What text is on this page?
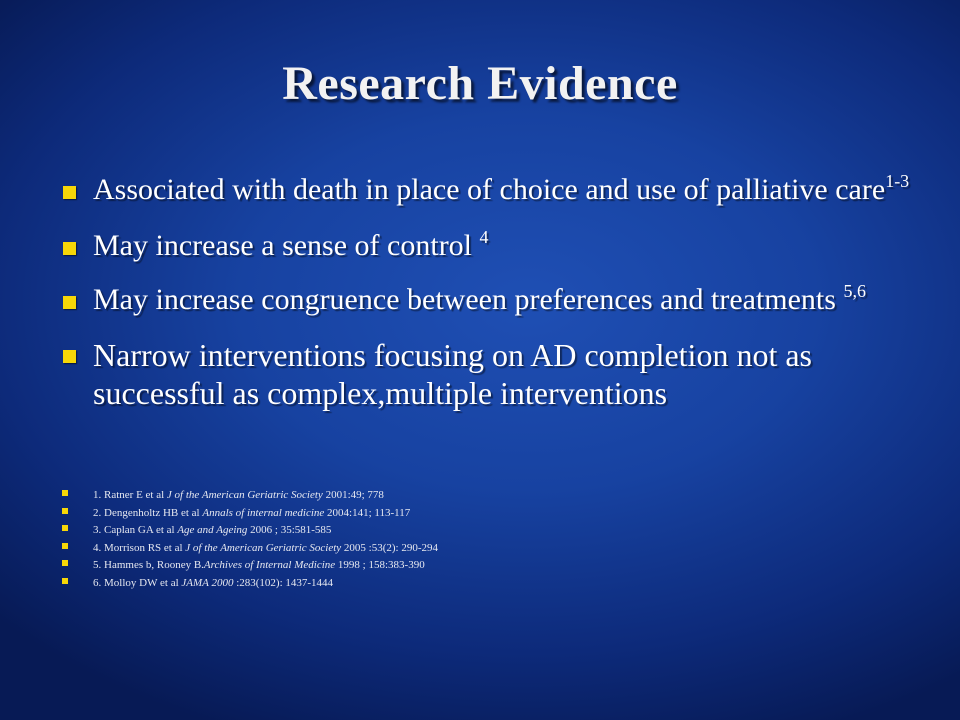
Research Evidence
Associated with death in place of choice and use of palliative care$^{1-3}$
May increase a sense of control $^4$
May increase congruence between preferences and treatments $^{5,6}$
Narrow interventions focusing on AD completion not as successful as complex,multiple interventions
1. Ratner E et al J of the American Geriatric Society 2001:49; 778
2. Dengenholtz HB et al Annals of internal medicine 2004:141; 113-117
3. Caplan GA et al Age and Ageing 2006 ; 35:581-585
4. Morrison RS et al J of the American Geriatric Society 2005 :53(2): 290-294
5. Hammes b, Rooney B.Archives of Internal Medicine 1998 ; 158:383-390
6. Molloy DW et al JAMA 2000 :283(102): 1437-1444
